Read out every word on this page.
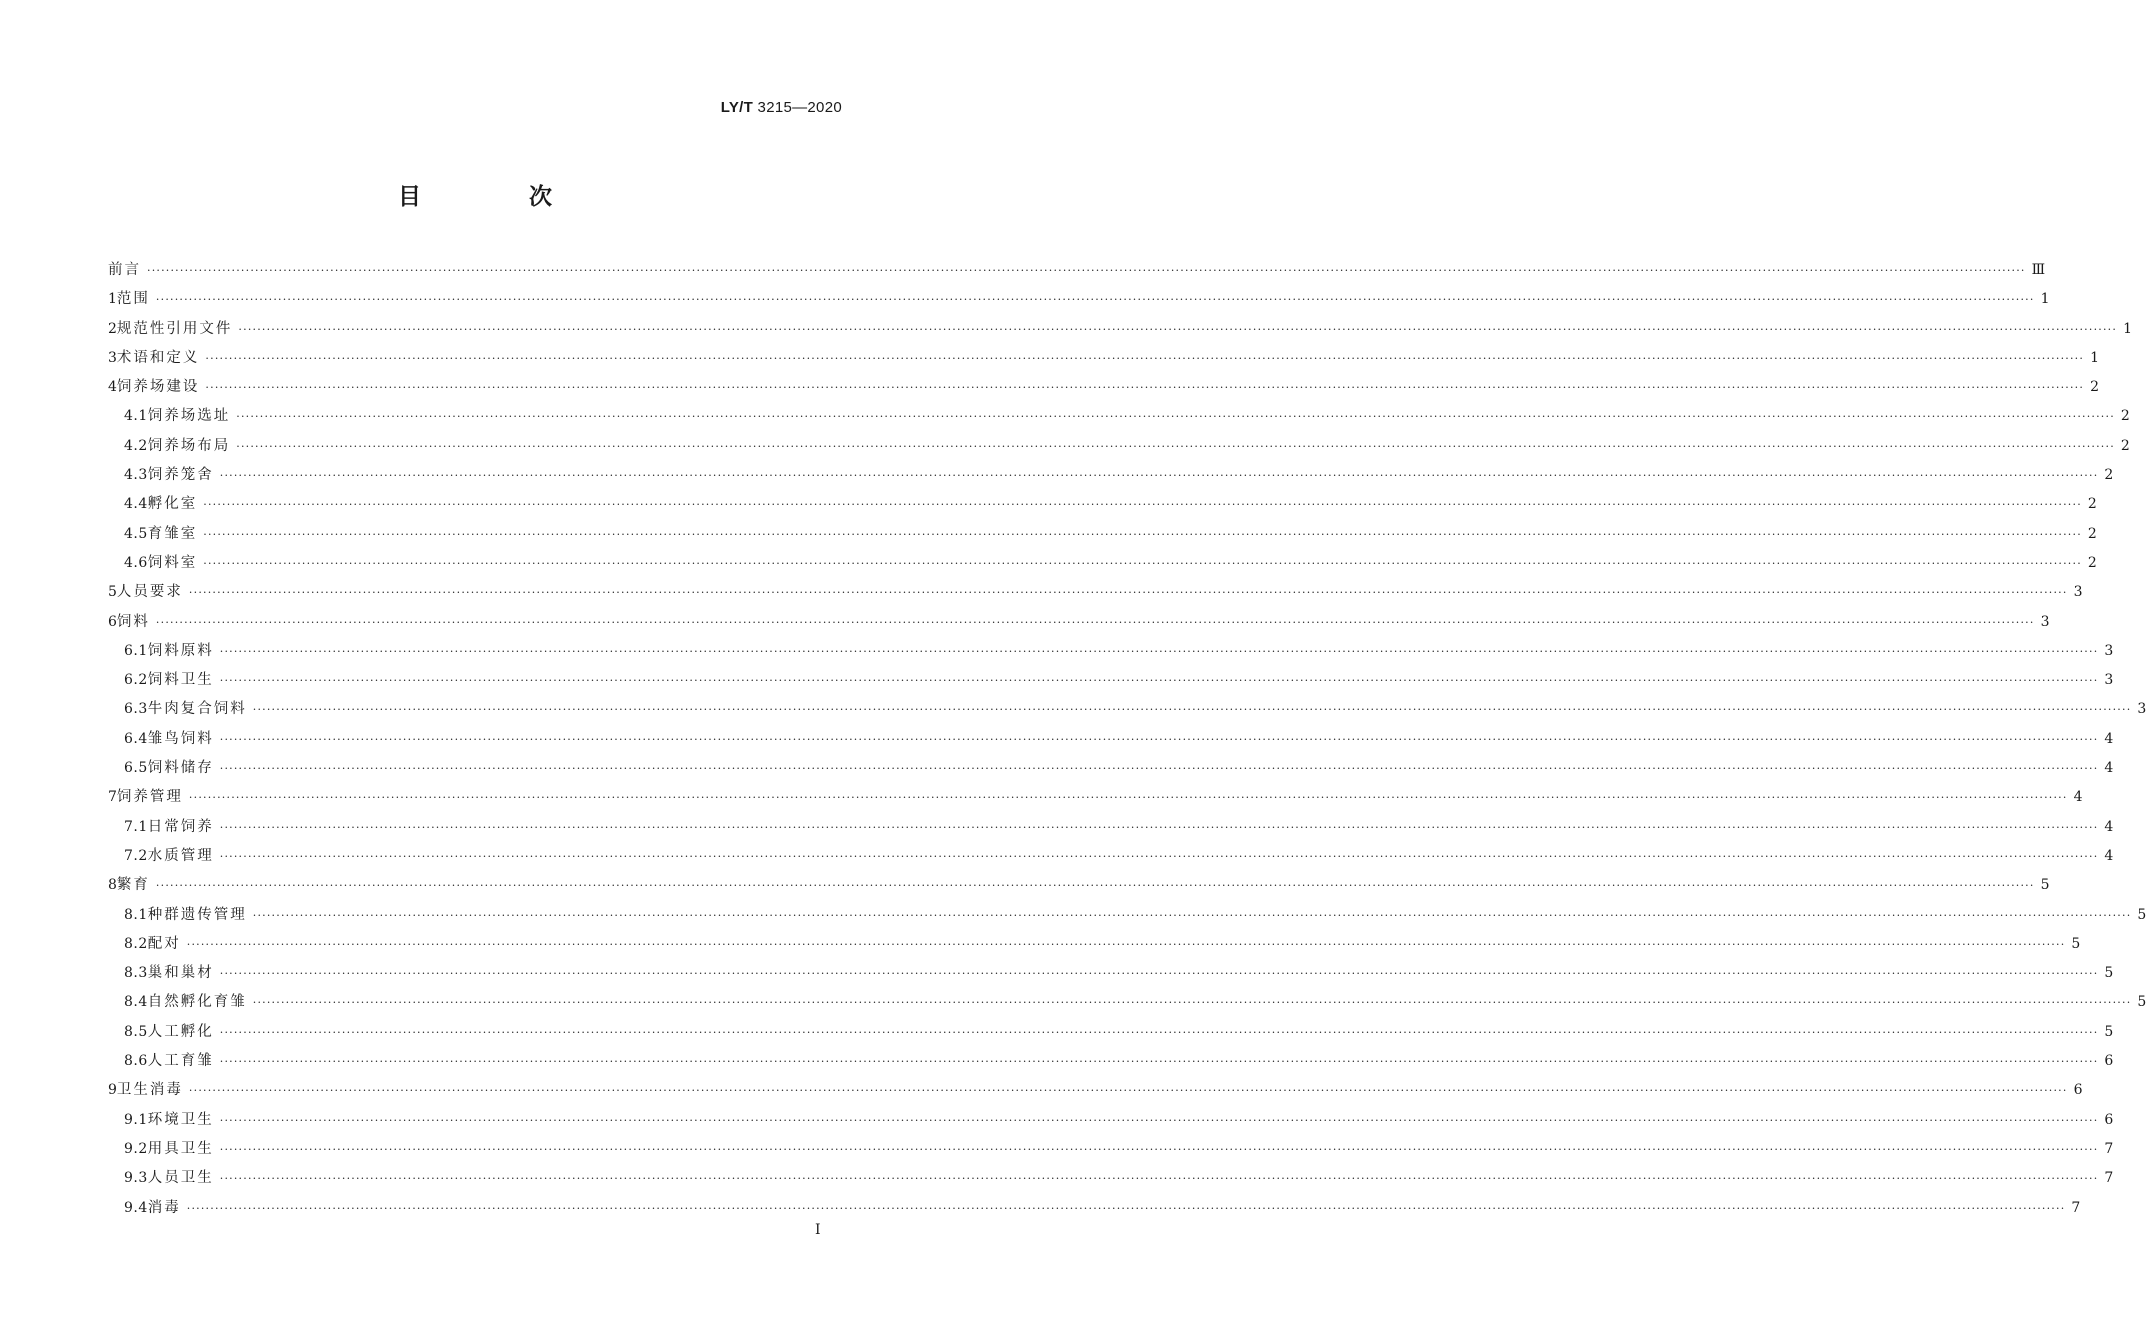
LY/T 3215—2020
目 次
前言 ················································································································································································································································································································································································································ Ⅲ
1 范围 ················································································································································································································································································································································································································ 1
2 规范性引用文件 ················································································································································································································································································································································································································ 1
3 术语和定义 ················································································································································································································································································································································································································ 1
4 饲养场建设 ················································································································································································································································································································································································································ 2
4.1 饲养场选址 ················································································································································································································································································································································································································ 2
4.2 饲养场布局 ················································································································································································································································································································································································································ 2
4.3 饲养笼舍 ················································································································································································································································································································································································································ 2
4.4 孵化室 ················································································································································································································································································································································································································ 2
4.5 育雏室 ················································································································································································································································································································································································································ 2
4.6 饲料室 ················································································································································································································································································································································································································ 2
5 人员要求 ················································································································································································································································································································································································································ 3
6 饲料 ················································································································································································································································································································································································································ 3
6.1 饲料原料 ················································································································································································································································································································································································································ 3
6.2 饲料卫生 ················································································································································································································································································································································································································ 3
6.3 牛肉复合饲料 ················································································································································································································································································································································································································ 3
6.4 雏鸟饲料 ················································································································································································································································································································································································································ 4
6.5 饲料储存 ················································································································································································································································································································································································································ 4
7 饲养管理 ················································································································································································································································································································································································································ 4
7.1 日常饲养 ················································································································································································································································································································································································································ 4
7.2 水质管理 ················································································································································································································································································································································································································ 4
8 繁育 ················································································································································································································································································································································································································ 5
8.1 种群遗传管理 ················································································································································································································································································································································································································ 5
8.2 配对 ················································································································································································································································································································································································································ 5
8.3 巢和巢材 ················································································································································································································································································································································································································ 5
8.4 自然孵化育雏 ················································································································································································································································································································································································································ 5
8.5 人工孵化 ················································································································································································································································································································································································································ 5
8.6 人工育雏 ················································································································································································································································································································································································································ 6
9 卫生消毒 ················································································································································································································································································································································································································ 6
9.1 环境卫生 ················································································································································································································································································································································································································ 6
9.2 用具卫生 ················································································································································································································································································································································································································ 7
9.3 人员卫生 ················································································································································································································································································································································································································ 7
9.4 消毒 ················································································································································································································································································································································································································ 7
I
